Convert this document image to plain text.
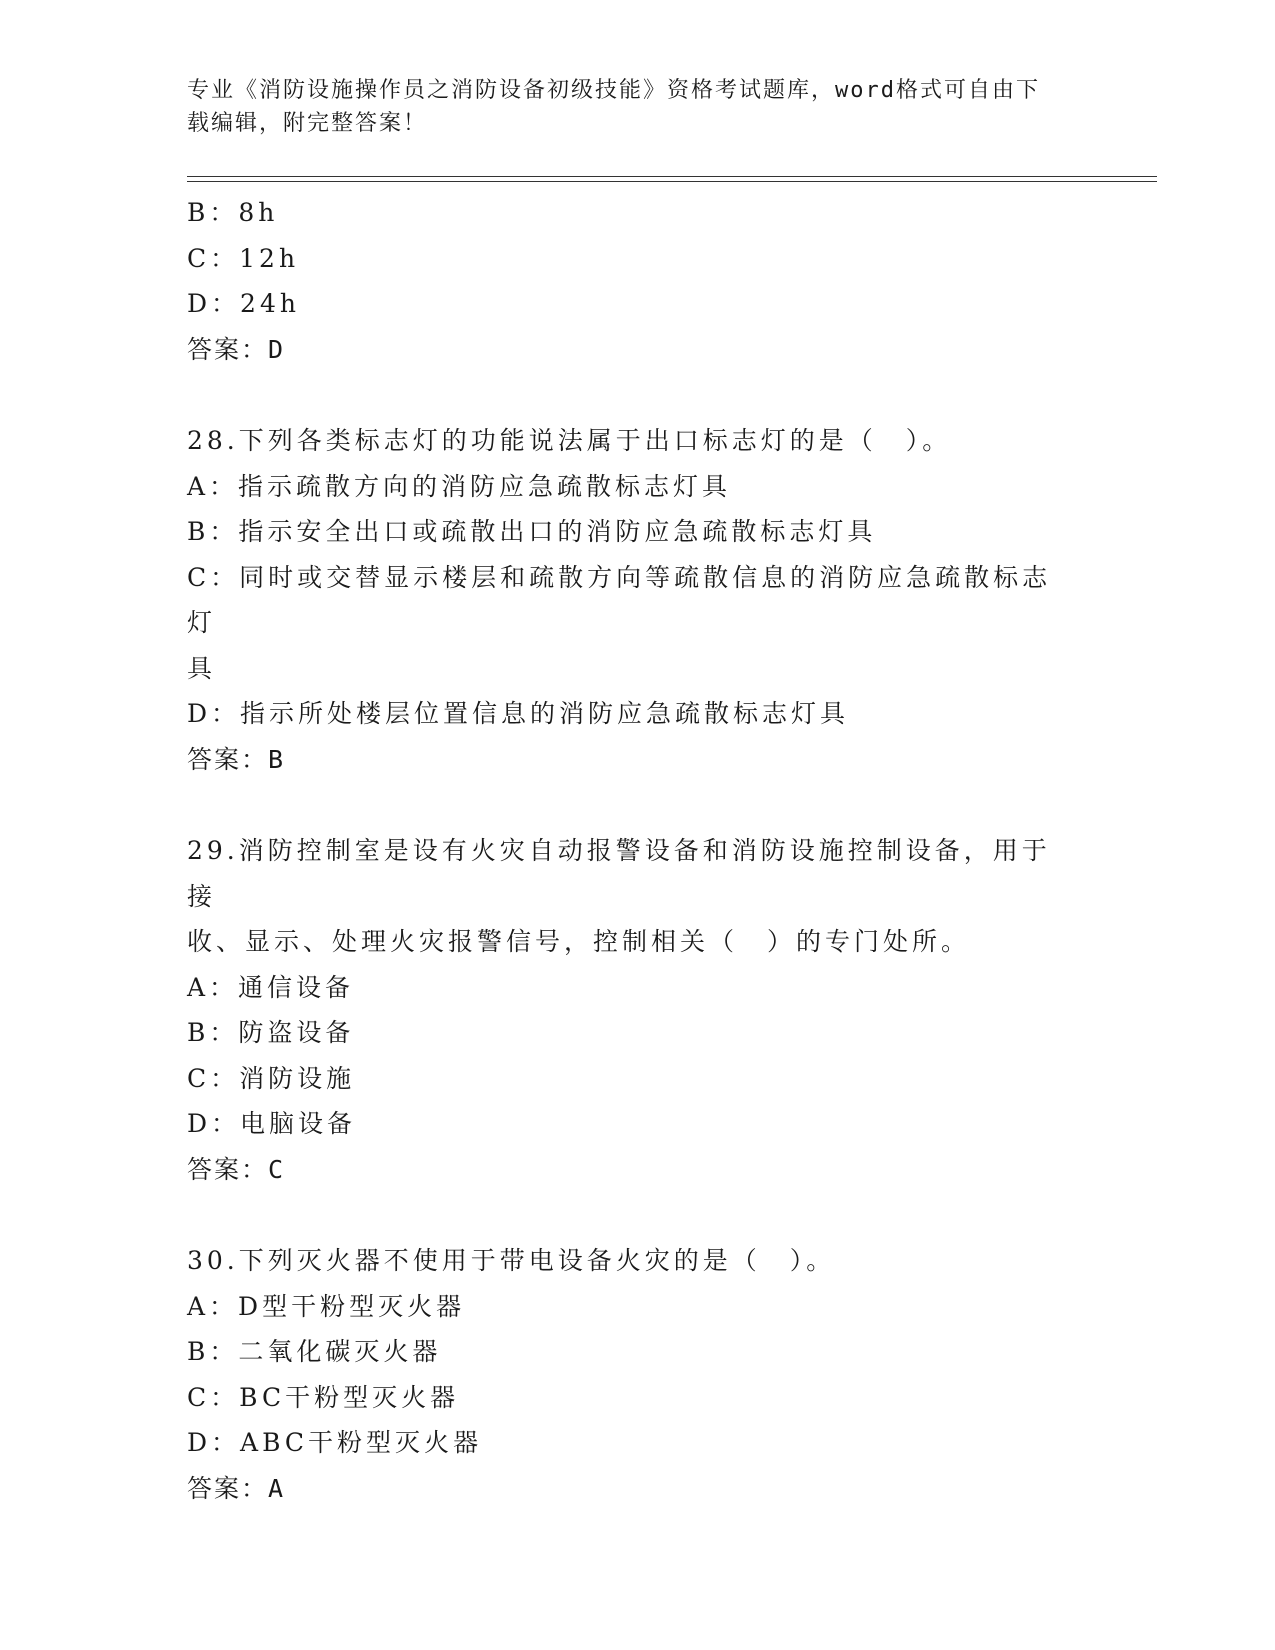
专业《消防设施操作员之消防设备初级技能》资格考试题库，word格式可自由下
载编辑，附完整答案！

B：8h

C：12h

D：24h

答案：D

28.下列各类标志灯的功能说法属于出口标志灯的是（　）。

A：指示疏散方向的消防应急疏散标志灯具

B：指示安全出口或疏散出口的消防应急疏散标志灯具

C：同时或交替显示楼层和疏散方向等疏散信息的消防应急疏散标志灯

具

D：指示所处楼层位置信息的消防应急疏散标志灯具

答案：B

29.消防控制室是设有火灾自动报警设备和消防设施控制设备，用于接

收、显示、处理火灾报警信号，控制相关（　）的专门处所。

A：通信设备

B：防盗设备

C：消防设施

D：电脑设备

答案：C

30.下列灭火器不使用于带电设备火灾的是（　）。

A：D型干粉型灭火器

B：二氧化碳灭火器

C：BC干粉型灭火器

D：ABC干粉型灭火器

答案：A
